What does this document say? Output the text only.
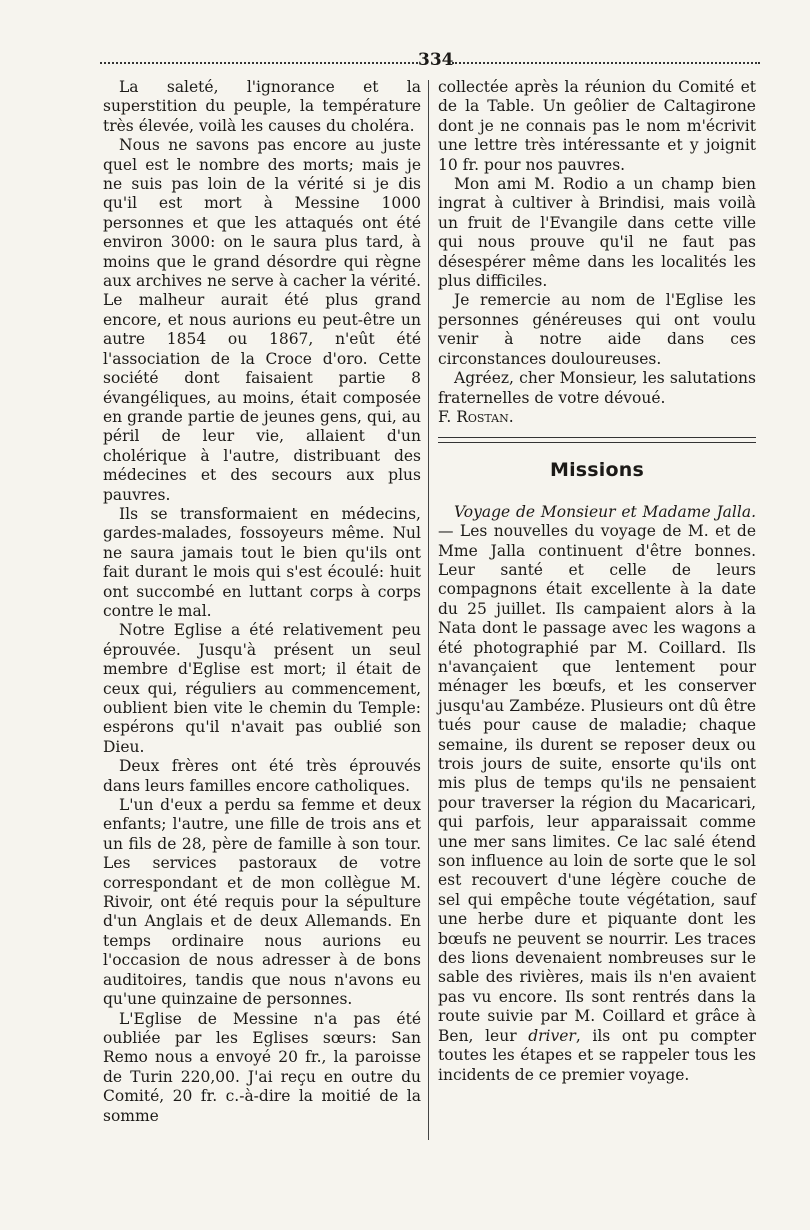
334

La saleté, l'ignorance et la superstition du peuple, la température très élevée, voilà les causes du choléra.

Nous ne savons pas encore au juste quel est le nombre des morts; mais je ne suis pas loin de la vérité si je dis qu'il est mort à Messine 1000 personnes et que les attaqués ont été environ 3000: on le saura plus tard, à moins que le grand désordre qui règne aux archives ne serve à cacher la vérité. Le malheur aurait été plus grand encore, et nous aurions eu peut-être un autre 1854 ou 1867, n'eût été l'association de la Croce d'oro. Cette société dont faisaient partie 8 évangéliques, au moins, était composée en grande partie de jeunes gens, qui, au péril de leur vie, allaient d'un cholérique à l'autre, distribuant des médecines et des secours aux plus pauvres.

Ils se transformaient en médecins, gardes-malades, fossoyeurs même. Nul ne saura jamais tout le bien qu'ils ont fait durant le mois qui s'est écoulé: huit ont succombé en luttant corps à corps contre le mal.

Notre Eglise a été relativement peu éprouvée. Jusqu'à présent un seul membre d'Eglise est mort; il était de ceux qui, réguliers au commencement, oublient bien vite le chemin du Temple: espérons qu'il n'avait pas oublié son Dieu.

Deux frères ont été très éprouvés dans leurs familles encore catholiques.

L'un d'eux a perdu sa femme et deux enfants; l'autre, une fille de trois ans et un fils de 28, père de famille à son tour. Les services pastoraux de votre correspondant et de mon collègue M. Rivoir, ont été requis pour la sépulture d'un Anglais et de deux Allemands. En temps ordinaire nous aurions eu l'occasion de nous adresser à de bons auditoires, tandis que nous n'avons eu qu'une quinzaine de personnes.

L'Eglise de Messine n'a pas été oubliée par les Eglises sœurs: San Remo nous a envoyé 20 fr., la paroisse de Turin 220,00. J'ai reçu en outre du Comité, 20 fr. c.-à-dire la moitié de la somme

collectée après la réunion du Comité et de la Table. Un geôlier de Caltagirone dont je ne connais pas le nom m'écrivit une lettre très intéressante et y joignit 10 fr. pour nos pauvres.

Mon ami M. Rodio a un champ bien ingrat à cultiver à Brindisi, mais voilà un fruit de l'Evangile dans cette ville qui nous prouve qu'il ne faut pas désespérer même dans les localités les plus difficiles.

Je remercie au nom de l'Eglise les personnes généreuses qui ont voulu venir à notre aide dans ces circonstances douloureuses.

Agréez, cher Monsieur, les salutations fraternelles de votre dévoué.

F. Rostan.

Missions

Voyage de Monsieur et Madame Jalla. — Les nouvelles du voyage de M. et de Mme Jalla continuent d'être bonnes. Leur santé et celle de leurs compagnons était excellente à la date du 25 juillet. Ils campaient alors à la Nata dont le passage avec les wagons a été photographié par M. Coillard. Ils n'avançaient que lentement pour ménager les bœufs, et les conserver jusqu'au Zambéze. Plusieurs ont dû être tués pour cause de maladie; chaque semaine, ils durent se reposer deux ou trois jours de suite, ensorte qu'ils ont mis plus de temps qu'ils ne pensaient pour traverser la région du Macaricari, qui parfois, leur apparaissait comme une mer sans limites. Ce lac salé étend son influence au loin de sorte que le sol est recouvert d'une légère couche de sel qui empêche toute végétation, sauf une herbe dure et piquante dont les bœufs ne peuvent se nourrir. Les traces des lions devenaient nombreuses sur le sable des rivières, mais ils n'en avaient pas vu encore. Ils sont rentrés dans la route suivie par M. Coillard et grâce à Ben, leur driver, ils ont pu compter toutes les étapes et se rappeler tous les incidents de ce premier voyage.
